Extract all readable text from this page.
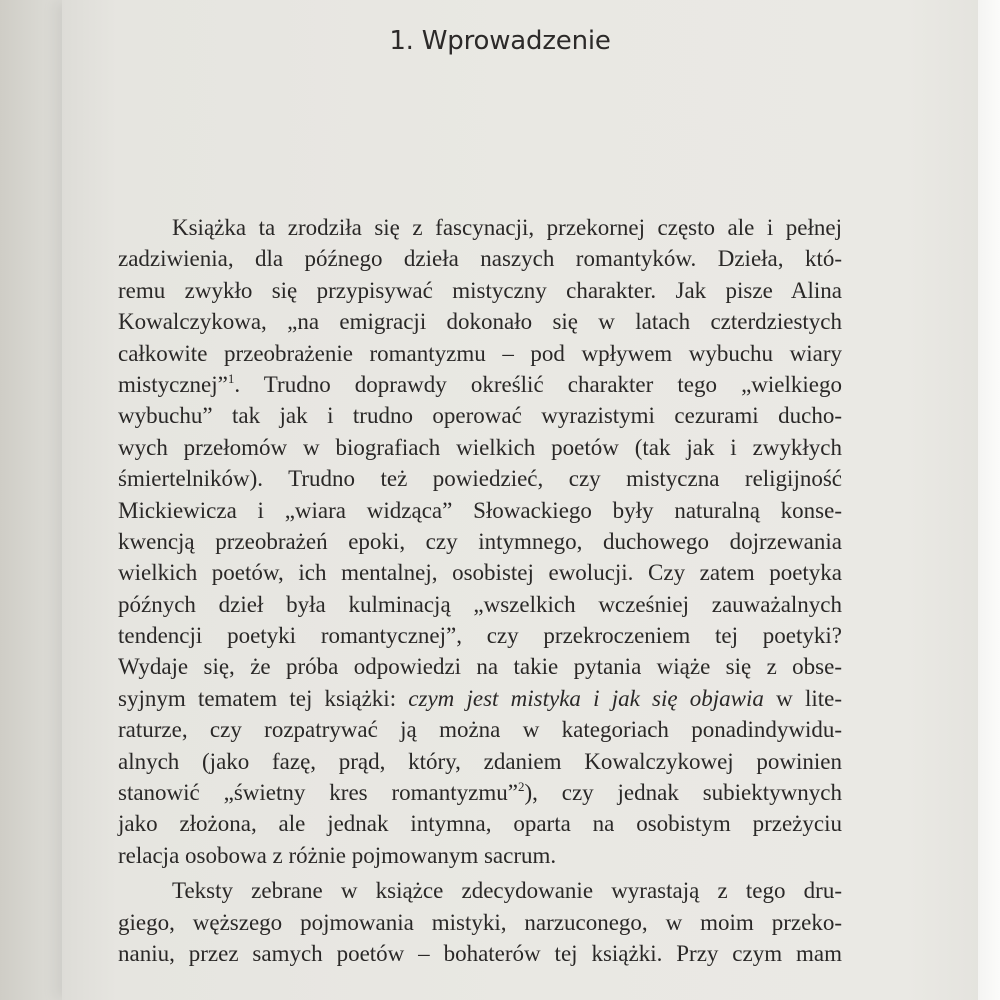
1. Wprowadzenie
Książka ta zrodziła się z fascynacji, przekornej często ale i pełnej
zadziwienia, dla późnego dzieła naszych romantyków. Dzieła, któ-
remu zwykło się przypisywać mistyczny charakter. Jak pisze Alina
Kowalczykowa, „na emigracji dokonało się w latach czterdziestych
całkowite przeobrażenie romantyzmu – pod wpływem wybuchu wiary
mistycznej”$^1$. Trudno doprawdy określić charakter tego „wielkiego
wybuchu” tak jak i trudno operować wyrazistymi cezurami ducho-
wych przełomów w biografiach wielkich poetów (tak jak i zwykłych
śmiertelników). Trudno też powiedzieć, czy mistyczna religijność
Mickiewicza i „wiara widząca” Słowackiego były naturalną konse-
kwencją przeobrażeń epoki, czy intymnego, duchowego dojrzewania
wielkich poetów, ich mentalnej, osobistej ewolucji. Czy zatem poetyka
późnych dzieł była kulminacją „wszelkich wcześniej zauważalnych
tendencji poetyki romantycznej”, czy przekroczeniem tej poetyki?
Wydaje się, że próba odpowiedzi na takie pytania wiąże się z obse-
syjnym tematem tej książki: czym jest mistyka i jak się objawia w lite-
raturze, czy rozpatrywać ją można w kategoriach ponadindywidu-
alnych (jako fazę, prąd, który, zdaniem Kowalczykowej powinien
stanowić „świetny kres romantyzmu”$^2$), czy jednak subiektywnych
jako złożona, ale jednak intymna, oparta na osobistym przeżyciu
relacja osobowa z różnie pojmowanym sacrum.
Teksty zebrane w książce zdecydowanie wyrastają z tego dru-
giego, węższego pojmowania mistyki, narzuconego, w moim przeko-
naniu, przez samych poetów – bohaterów tej książki. Przy czym mam
